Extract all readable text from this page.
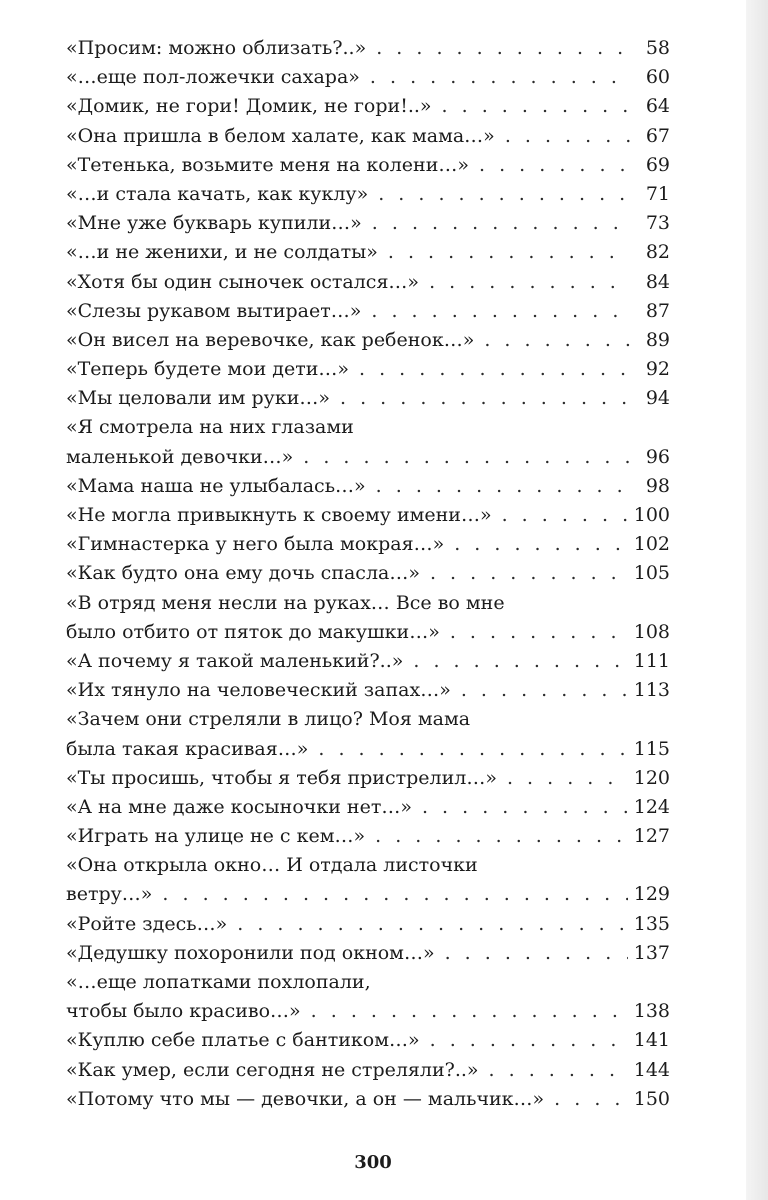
«Просим: можно облизать?..» . . .	58
«…еще пол-ложечки сахара» . . .	60
«Домик, не гори! Домик, не гори!..» . . .	64
«Она пришла в белом халате, как мама…» . . .	67
«Тетенька, возьмите меня на колени…» . . .	69
«…и стала качать, как куклу» . . .	71
«Мне уже букварь купили…» . . .	73
«…и не женихи, и не солдаты» . . .	82
«Хотя бы один сыночек остался…» . . .	84
«Слезы рукавом вытирает…» . . .	87
«Он висел на веревочке, как ребенок…» . . .	89
«Теперь будете мои дети…» . . .	92
«Мы целовали им руки…» . . .	94
«Я смотрела на них глазами
маленькой девочки…» . . .	96
«Мама наша не улыбалась…» . . .	98
«Не могла привыкнуть к своему имени…» . . .	100
«Гимнастерка у него была мокрая…» . . .	102
«Как будто она ему дочь спасла…» . . .	105
«В отряд меня несли на руках… Все во мне
было отбито от пяток до макушки…» . . .	108
«А почему я такой маленький?..» . . .	111
«Их тянуло на человеческий запах…» . . .	113
«Зачем они стреляли в лицо? Моя мама
была такая красивая…» . . .	115
«Ты просишь, чтобы я тебя пристрелил…» . . .	120
«А на мне даже косыночки нет…» . . .	124
«Играть на улице не с кем…» . . .	127
«Она открыла окно… И отдала листочки
ветру…» . . .	129
«Ройте здесь…» . . .	135
«Дедушку похоронили под окном…» . . .	137
«…еще лопатками похлопали,
чтобы было красиво…» . . .	138
«Куплю себе платье с бантиком…» . . .	141
«Как умер, если сегодня не стреляли?..» . . .	144
«Потому что мы — девочки, а он — мальчик…» . . .	150
300
